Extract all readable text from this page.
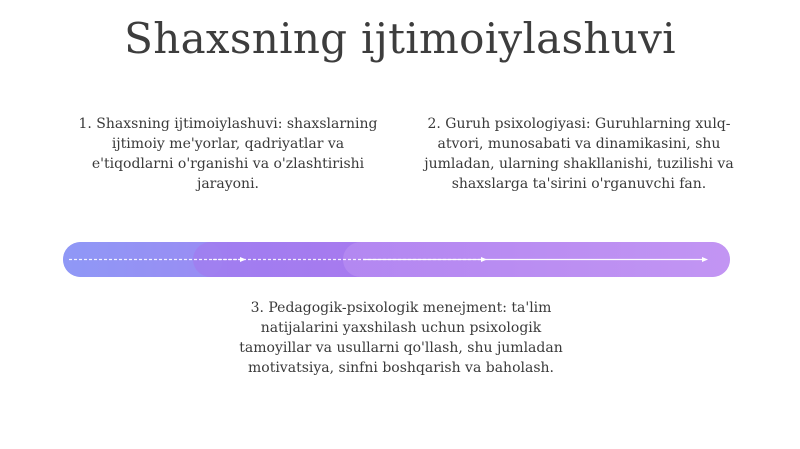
Shaxsning ijtimoiylashuvi
1. Shaxsning ijtimoiylashuvi: shaxslarning ijtimoiy me'yorlar, qadriyatlar va e'tiqodlarni o'rganishi va o'zlashtirishi jarayoni.
2. Guruh psixologiyasi: Guruhlarning xulq-atvori, munosabati va dinamikasini, shu jumladan, ularning shakllanishi, tuzilishi va shaxslarga ta'sirini o'rganuvchi fan.
3. Pedagogik-psixologik menejment: ta'lim natijalarini yaxshilash uchun psixologik tamoyillar va usullarni qo'llash, shu jumladan motivatsiya, sinfni boshqarish va baholash.
